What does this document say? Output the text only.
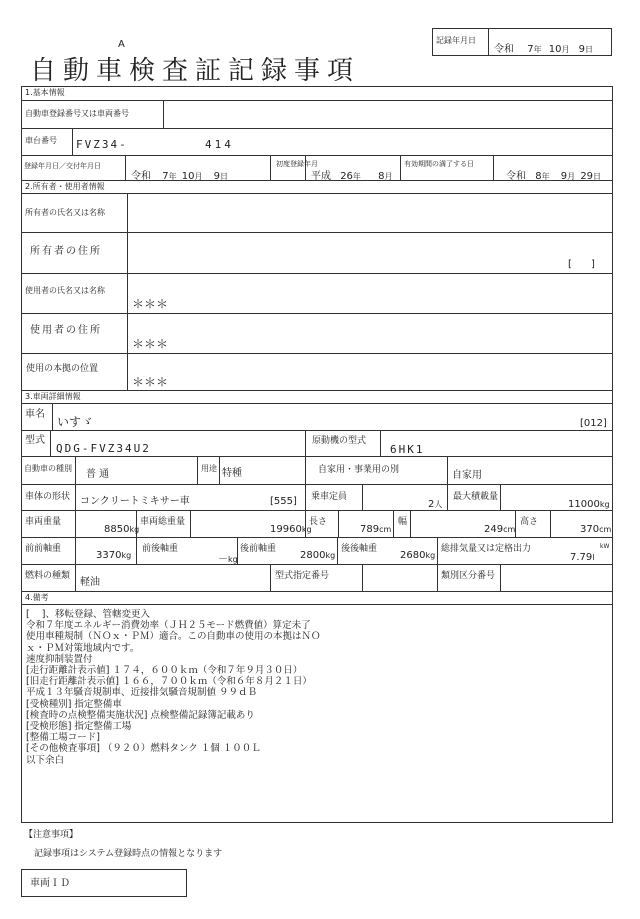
A
自動車検査証記録事項
記録年月日
令和 7年 10月 9日
1.基本情報
自動車登録番号又は車両番号
車台番号 FVZ34-	414
登録年月日／交付年月日
令和 7年 10月 9日
初度登録年月
平成 26年 8月
有効期間の満了する日
令和 8年 9月 29日
2.所有者・使用者情報
所有者の氏名又は名称
所有者の住所
[      ]
使用者の氏名又は名称
＊＊＊
使用者の住所
＊＊＊
使用の本拠の位置
＊＊＊
3.車両詳細情報
車名
いすゞ	[012]
型式
QDG-FVZ34U2
原動機の型式
6HK1
自動車の種別
普 通
用途 特種	自家用・事業用の別	自家用
車体の形状 コンクリートミキサー車	[555] 乗車定員
2人
最大積載量
11000kg
車両重量
8850kg
車両総重量
19960kg
長さ
789cm
幅
249cm
高さ
370cm
前前軸重
3370kg
前後軸重
－kg
後前軸重
2800kg
後後軸重
2680kg
総排気量又は定格出力
7.79l
kW
燃料の種類
軽油
型式指定番号	類別区分番号
4.備考
[    ]、移転登録、管轄変更入
令和７年度エネルギー消費効率（ＪＨ２５モード燃費値）算定未了
使用車種規制（ＮＯｘ・ＰＭ）適合。この自動車の使用の本拠はＮＯ
ｘ・ＰＭ対策地域内です。
速度抑制装置付
[走行距離計表示値] １７４，６００ｋｍ（令和７年９月３０日）
[旧走行距離計表示値] １６６，７００ｋｍ（令和６年８月２１日）
平成１３年騒音規制車、近接排気騒音規制値 ９９ｄＢ
[受検種別] 指定整備車
[検査時の点検整備実施状況] 点検整備記録簿記載あり
[受検形態] 指定整備工場
[整備工場コード]
[その他検査事項] （９２０）燃料タンク １個 １００Ｌ
以下余白
【注意事項】
記録事項はシステム登録時点の情報となります
車両ＩＤ
